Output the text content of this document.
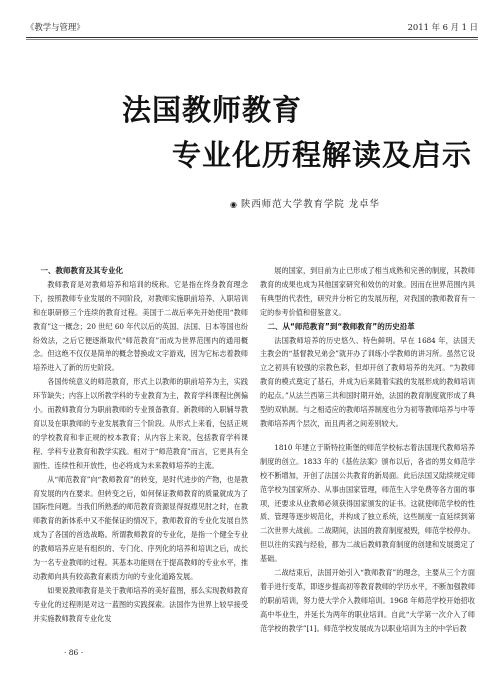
《教学与管理》	2011 年 6 月 1 日
法国教师教育
专业化历程解读及启示
◉ 陕西师范大学教育学院 龙卓华
一、教师教育及其专业化

教师教育是对教师培养和培训的统称。它是指在终身教育理念下，按照教师专业发展的不同阶段，对教师实施职前培养、入职培训和在职研修三个连续的教育过程。美国于二战后率先开始使用“教师教育”这一概念；20 世纪 60 年代以后的英国、法国、日本等国也纷纷效法，之后它便逐渐取代“师范教育”而成为世界范围内的通用概念。但这绝不仅仅是简单的概念替换或文字游戏，因为它标志着教师培养进入了新的历史阶段。

各国传统意义的师范教育，形式上以教师的职前培养为主，实践环节缺失；内容上以所教学科的专业教育为主，教育学科课程比例偏小。而教师教育分为职前教师的专业预备教育、新教师的入职辅导教育以及在职教师的专业发展教育三个阶段。从形式上来看，包括正规的学校教育和非正规的校本教育；从内容上来说，包括教育学科课程、学科专业教育和教学实践。相对于“师范教育”而言，它更具有全面性、连续性和开放性，也必将成为未来教师培养的主流。

从“师范教育”向“教师教育”的转变，是时代进步的产物，也是教育发展的内在要求。但转变之后，如何保证教师教育的质量就成为了国际性问题。当我们所熟悉的师范教育资源显得捉襟见肘之时，在教师教育的新体系中又不能保证的情况下，教师教育的专业化发展自然成为了各国的首选战略。所谓教师教育的专业化，是指一个健全专业的教师培养应是有组织的、专门化、序列化的培养和培训之后，成长为一名专业教师的过程。其基本功能则在于提高教师的专业水平，推动教师向具有较高教育素质方向的专业化道路发展。

如果说教师教育是关于教师培养的美好蓝图，那么实现教师教育专业化的过程则是对这一蓝图的实践探索。法国作为世界上较早接受并实施教师教育专业化发

展的国家，到目前为止已形成了相当成熟和完善的制度，其教师教育的成果也成为其他国家研究和效仿的对象。因而在世界范围内具有典型的代表性，研究并分析它的发展历程，对我国的教师教育有一定的参考价值和借鉴意义。

二、从“师范教育”到“教师教育”的历史沿革

法国教师培养的历史悠久、特色鲜明。早在 1684 年，法国天主教会的“基督教兄弟会”就开办了训练小学教师的讲习所。虽然它设立之初具有较强的宗教色彩，但却开创了教师培养的先河。“为教师教育的模式奠定了基石，并成为后来随着实践的发展形成的教师培训的起点。”从法兰西第三共和国时期开始，法国的教育制度就形成了典型的双轨制。与之相适应的教师培养制度也分为初等教师培养与中等教师培养两个层次，而且两者之间差别较大。

1810 年建立于斯特拉斯堡的师范学校标志着法国现代教师培养制度的创立。1833 年的《基佐法案》颁布以后，各省的男女师范学校不断增加，开创了法国公共教育的新局面。此后法国又陆续规定师范学校为国家所办、从事由国家管理，师范生入学免费等各方面的事项，还要求从业教师必须获得国家颁发的证书。这就使师范学校的性质、管理等逐步规范化，并构成了独立系统，这些制度一直延续到第二次世界大战前。二战期间，法国的教育制度被毁，师范学校停办。但以往的实践与经验，都为二战后教师教育制度的创建和发展奠定了基础。

二战结束后，法国开始引入“教师教育”的理念，主要从三个方面着手进行变革，即逐步提高初等教育教师的学历水平，不断加强教师的职前培训，努力使大学介入教师培训。1968 年师范学校开始招收高中毕业生，并延长为两年的职业培训。自此“大学第一次介入了师范学校的教学”[1]。师范学校发展成为以职业培训为主的中学后教

· 86 ·
